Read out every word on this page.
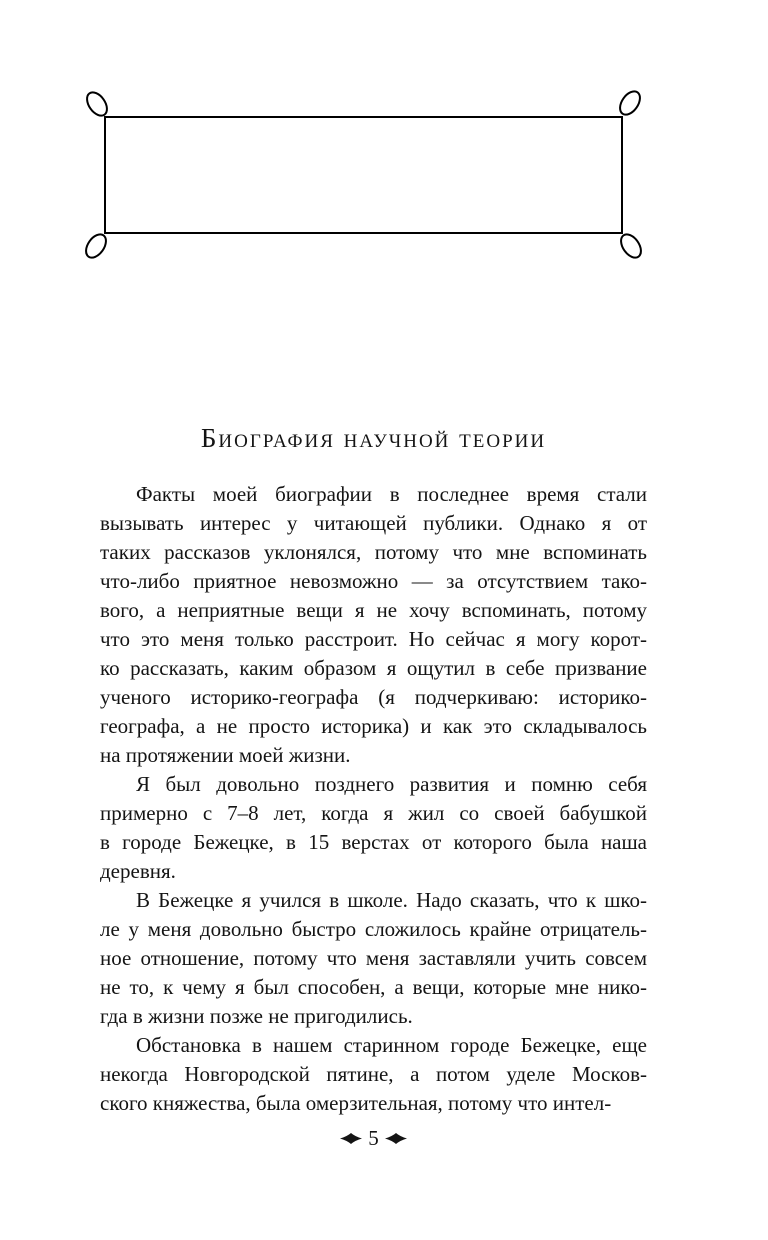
Биография научной теории
Факты моей биографии в последнее время стали
вызывать интерес у читающей публики. Однако я от
таких рассказов уклонялся, потому что мне вспоминать
что-либо приятное невозможно — за отсутствием тако-
вого, а неприятные вещи я не хочу вспоминать, потому
что это меня только расстроит. Но сейчас я могу корот-
ко рассказать, каким образом я ощутил в себе призвание
ученого историко-географа (я подчеркиваю: историко-
географа, а не просто историка) и как это складывалось
на протяжении моей жизни.
Я был довольно позднего развития и помню себя
примерно с 7–8 лет, когда я жил со своей бабушкой
в городе Бежецке, в 15 верстах от которого была наша
деревня.
В Бежецке я учился в школе. Надо сказать, что к шко-
ле у меня довольно быстро сложилось крайне отрицатель-
ное отношение, потому что меня заставляли учить совсем
не то, к чему я был способен, а вещи, которые мне нико-
гда в жизни позже не пригодились.
Обстановка в нашем старинном городе Бежецке, еще
некогда Новгородской пятине, а потом уделе Москов-
ского княжества, была омерзительная, потому что интел-
5
